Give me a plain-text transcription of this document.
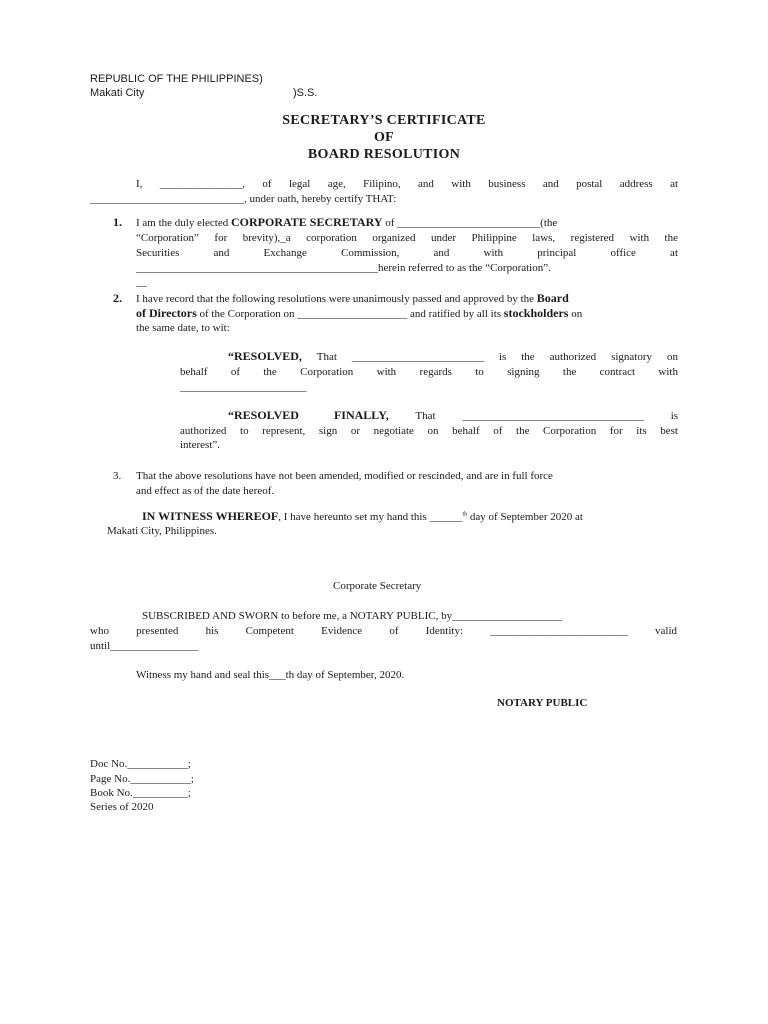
REPUBLIC OF THE PHILIPPINES)
Makati City	)S.S.
SECRETARY’S CERTIFICATE
OF
BOARD RESOLUTION
I, _______________, of legal age, Filipino, and with business and postal address at
____________________________, under oath, hereby certify THAT:
1. I am the duly elected CORPORATE SECRETARY of __________________________(the
“Corporation” for brevity),_a corporation organized under Philippine laws, registered with the
Securities and Exchange Commission, and with principal office at
____________________________________________herein referred to as the “Corporation”.
__
2. I have record that the following resolutions were unanimously passed and approved by the Board
of Directors of the Corporation on ____________________ and ratified by all its stockholders on
the same date, to wit:
“RESOLVED, That ________________________ is the authorized signatory on
behalf of the Corporation with regards to signing the contract with
_______________________
“RESOLVED FINALLY, That _________________________________ is
authorized to represent, sign or negotiate on behalf of the Corporation for its best
interest”.
3. That the above resolutions have not been amended, modified or rescinded, and are in full force
and effect as of the date hereof.
IN WITNESS WHEREOF, I have hereunto set my hand this ______$^{th}$ day of September 2020 at
Makati City, Philippines.
Corporate Secretary
SUBSCRIBED AND SWORN to before me, a NOTARY PUBLIC, by____________________
who presented his Competent Evidence of Identity: _________________________ valid
until________________
Witness my hand and seal this___th day of September, 2020.
NOTARY PUBLIC
Doc No.___________;
Page No.___________;
Book No.__________;
Series of 2020
